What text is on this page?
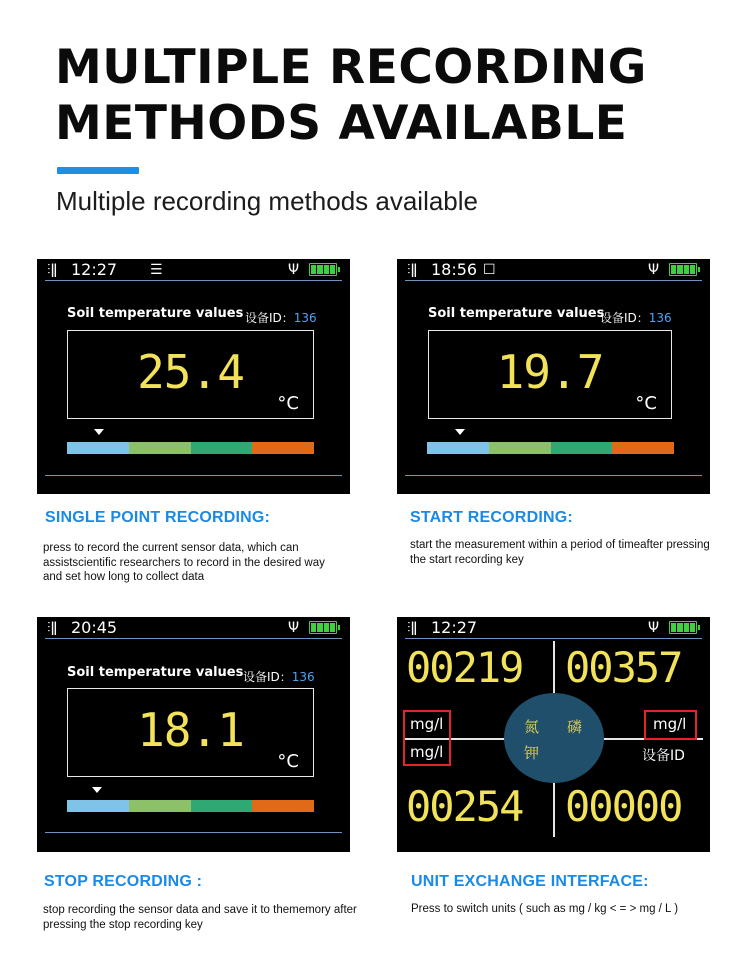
MULTIPLE RECORDING
METHODS AVAILABLE
Multiple recording methods available
⫶ǁ 12:27 ☰	Ψ
Soil temperature values 设备ID：136
25.4
°C
SINGLE POINT RECORDING:
press to record the current sensor data, which can assistscientific researchers to record in the desired way and set how long to collect data
⫶ǁ 18:56 ☐	Ψ
Soil temperature values
设备ID：136
19.7
°C
START RECORDING:
start the measurement within a period of timeafter pressing the start recording key
⫶ǁ 20:45	Ψ
Soil temperature values 设备ID：136
18.1
°C
STOP RECORDING :
stop recording the sensor data and save it to thememory after pressing the stop recording key
⫶ǁ 12:27	Ψ
00219 00357
00254 00000
mg/l
mg/l
mg/l
氮 磷
钾	设备ID
UNIT EXCHANGE INTERFACE:
Press to switch units ( such as mg / kg < = > mg / L )
